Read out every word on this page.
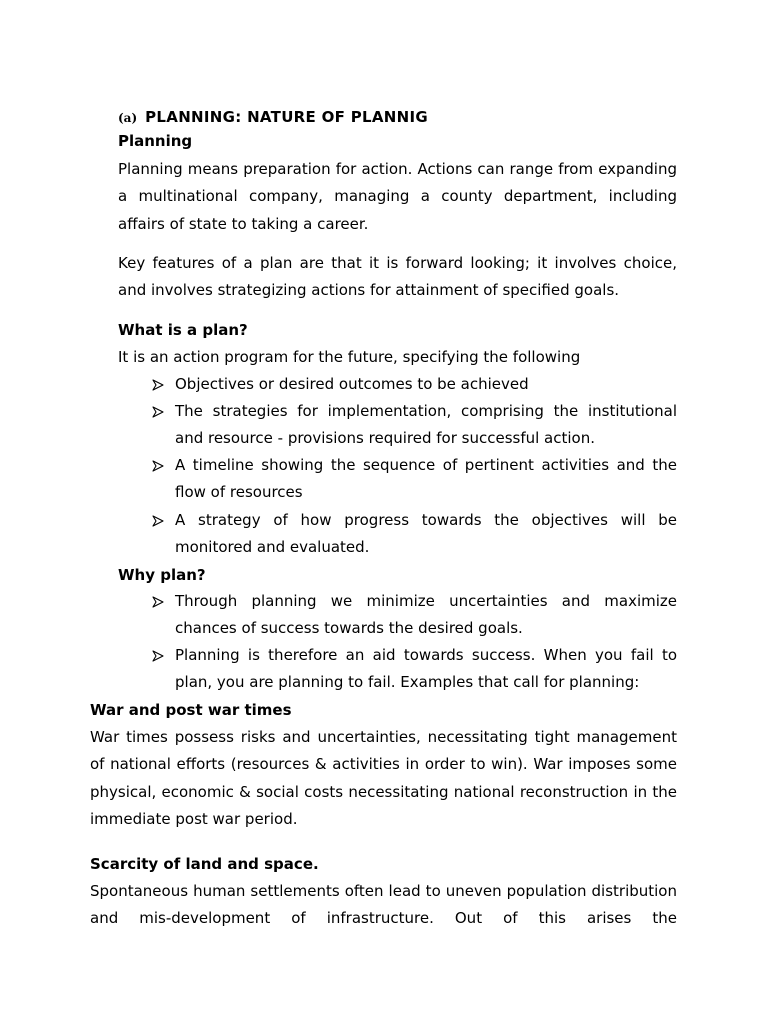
(a) PLANNING: NATURE OF PLANNIG
Planning
Planning means preparation for action. Actions can range from expanding a multinational company, managing a county department, including affairs of state to taking a career.
Key features of a plan are that it is forward looking; it involves choice, and involves strategizing actions for attainment of specified goals.
What is a plan?
It is an action program for the future, specifying the following
Objectives or desired outcomes to be achieved
The strategies for implementation, comprising the institutional and resource - provisions required for successful action.
A timeline showing the sequence of pertinent activities and the flow of resources
A strategy of how progress towards the objectives will be monitored and evaluated.
Why plan?
Through planning we minimize uncertainties and maximize chances of success towards the desired goals.
Planning is therefore an aid towards success. When you fail to plan, you are planning to fail. Examples that call for planning:
War and post war times
War times possess risks and uncertainties, necessitating tight management of national efforts (resources & activities in order to win). War imposes some physical, economic & social costs necessitating national reconstruction in the immediate post war period.
Scarcity of land and space.
Spontaneous human settlements often lead to uneven population distribution and mis-development of infrastructure. Out of this arises the
